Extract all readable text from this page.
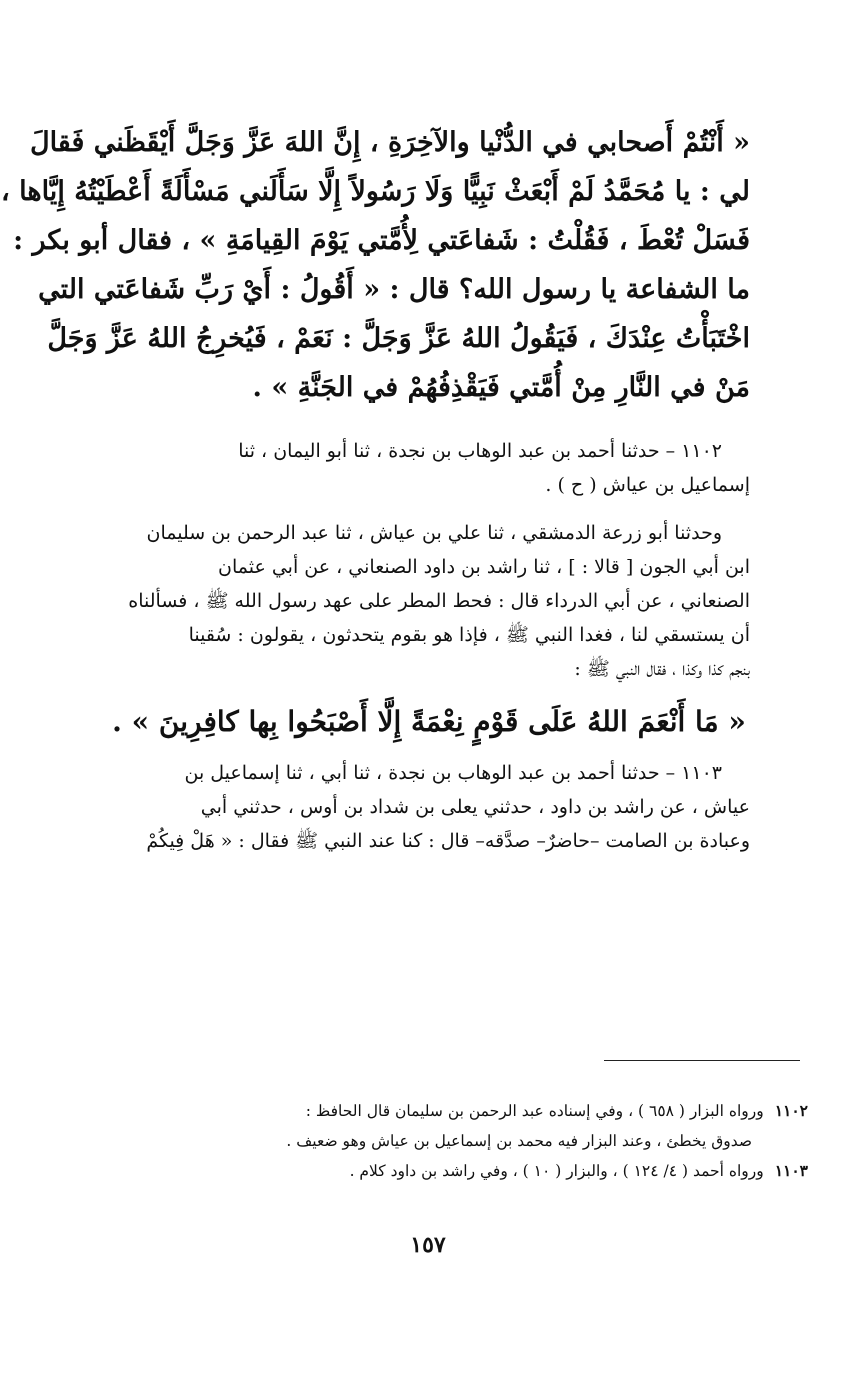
« أَنْتُمْ أَصحابي في الدُّنْيا والآخِرَةِ ، إِنَّ اللهَ عَزَّ وَجَلَّ أَيْقَظَني فَقالَ
لي : يا مُحَمَّدُ لَمْ أَبْعَثْ نَبِيًّا وَلَا رَسُولاً إِلَّا سَأَلَني مَسْأَلَةً أَعْطَيْتُهُ إِيَّاها ،
فَسَلْ تُعْطَ ، فَقُلْتُ : شَفاعَتي لِأُمَّتي يَوْمَ القِيامَةِ » ، فقال أبو بكر :
ما الشفاعة يا رسول الله؟ قال : « أَقُولُ : أَيْ رَبِّ شَفاعَتي التي
اخْتَبَأْتُ عِنْدَكَ ، فَيَقُولُ اللهُ عَزَّ وَجَلَّ : نَعَمْ ، فَيُخرِجُ اللهُ عَزَّ وَجَلَّ
مَنْ في النَّارِ مِنْ أُمَّتي فَيَقْذِفُهُمْ في الجَنَّةِ » .
١١٠٢ – حدثنا أحمد بن عبد الوهاب بن نجدة ، ثنا أبو اليمان ، ثنا
إسماعيل بن عياش ( ح ) .
وحدثنا أبو زرعة الدمشقي ، ثنا علي بن عياش ، ثنا عبد الرحمن بن سليمان
ابن أبي الجون [ قالا : ] ، ثنا راشد بن داود الصنعاني ، عن أبي عثمان
الصنعاني ، عن أبي الدرداء قال : فحط المطر على عهد رسول الله ﷺ ، فسألناه
أن يستسقي لنا ، فغدا النبي ﷺ ، فإذا هو بقوم يتحدثون ، يقولون : سُقينا
بنجم كذا وكذا ، فقال النبي ﷺ :
« مَا أَنْعَمَ اللهُ عَلَى قَوْمٍ نِعْمَةً إِلَّا أَصْبَحُوا بِها كافِرِينَ » .
١١٠٣ – حدثنا أحمد بن عبد الوهاب بن نجدة ، ثنا أبي ، ثنا إسماعيل بن
عياش ، عن راشد بن داود ، حدثني يعلى بن شداد بن أوس ، حدثني أبي
وعبادة بن الصامت –حاضرٌ– صدَّقه– قال : كنا عند النبي ﷺ فقال : « هَلْ فِيكُمْ
١١٠٢ ورواه البزار ( ٦٥٨ ) ، وفي إسناده عبد الرحمن بن سليمان قال الحافظ :
صدوق يخطئ ، وعند البزار فيه محمد بن إسماعيل بن عياش وهو ضعيف .
١١٠٣ ورواه أحمد ( ٤/ ١٢٤ ) ، والبزار ( ١٠ ) ، وفي راشد بن داود كلام .
١٥٧
